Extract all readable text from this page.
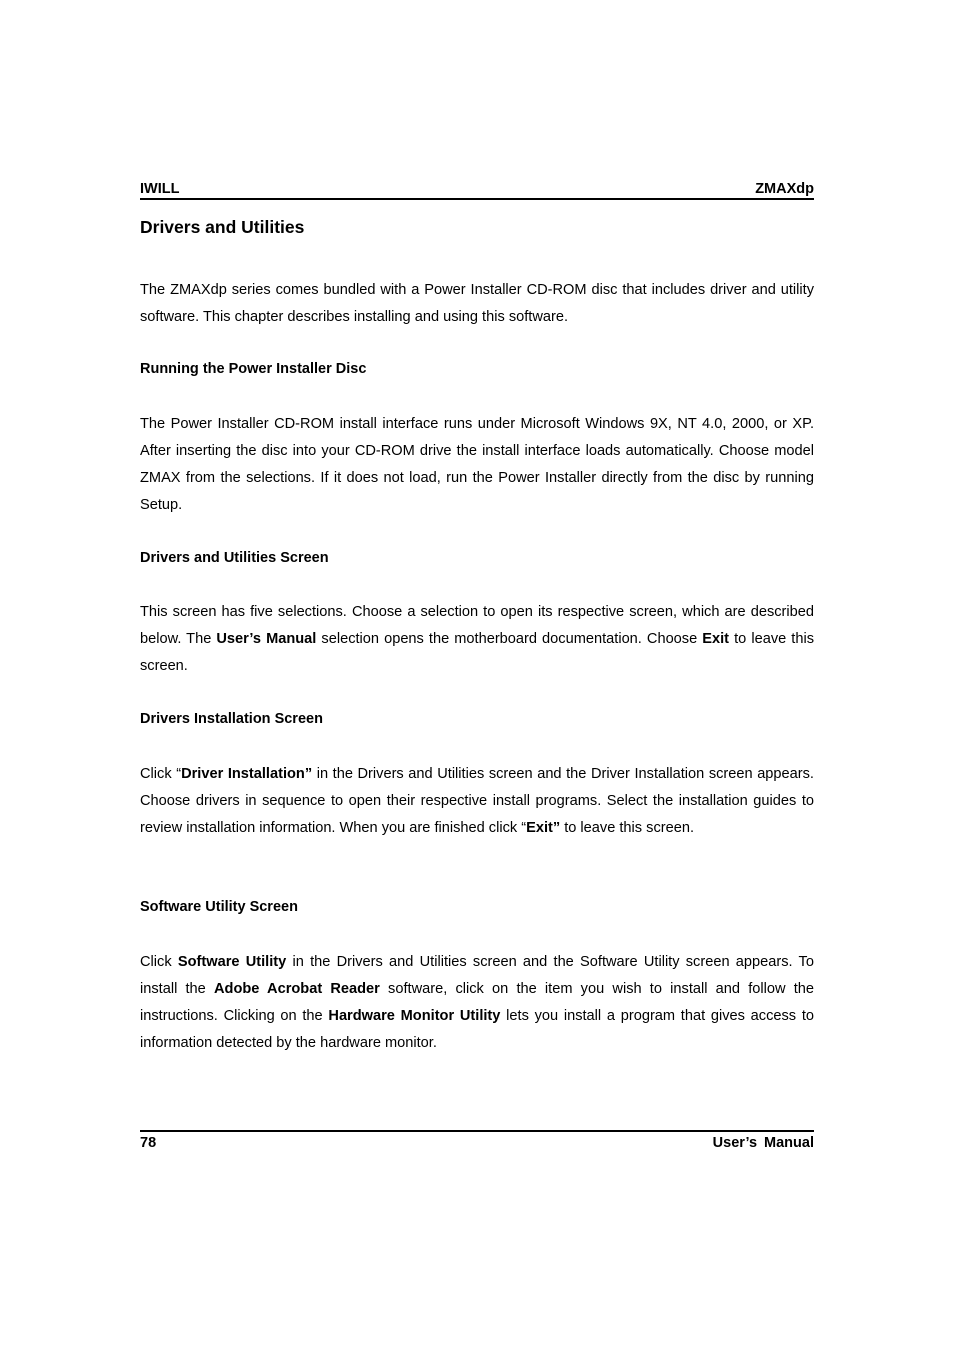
IWILL	ZMAXdp
Drivers and Utilities

The ZMAXdp series comes bundled with a Power Installer CD-ROM disc that includes driver and utility software. This chapter describes installing and using this software.

Running the Power Installer Disc

The Power Installer CD-ROM install interface runs under Microsoft Windows 9X, NT 4.0, 2000, or XP. After inserting the disc into your CD-ROM drive the install interface loads automatically. Choose model ZMAX from the selections. If it does not load, run the Power Installer directly from the disc by running Setup.

Drivers and Utilities Screen

This screen has five selections. Choose a selection to open its respective screen, which are described below. The User’s Manual selection opens the motherboard documentation. Choose Exit to leave this screen.

Drivers Installation Screen

Click “Driver Installation” in the Drivers and Utilities screen and the Driver Installation screen appears. Choose drivers in sequence to open their respective install programs. Select the installation guides to review installation information. When you are finished click “Exit” to leave this screen.

Software Utility Screen

Click Software Utility in the Drivers and Utilities screen and the Software Utility screen appears. To install the Adobe Acrobat Reader software, click on the item you wish to install and follow the instructions. Clicking on the Hardware Monitor Utility lets you install a program that gives access to information detected by the hardware monitor.

78	User’s Manual
